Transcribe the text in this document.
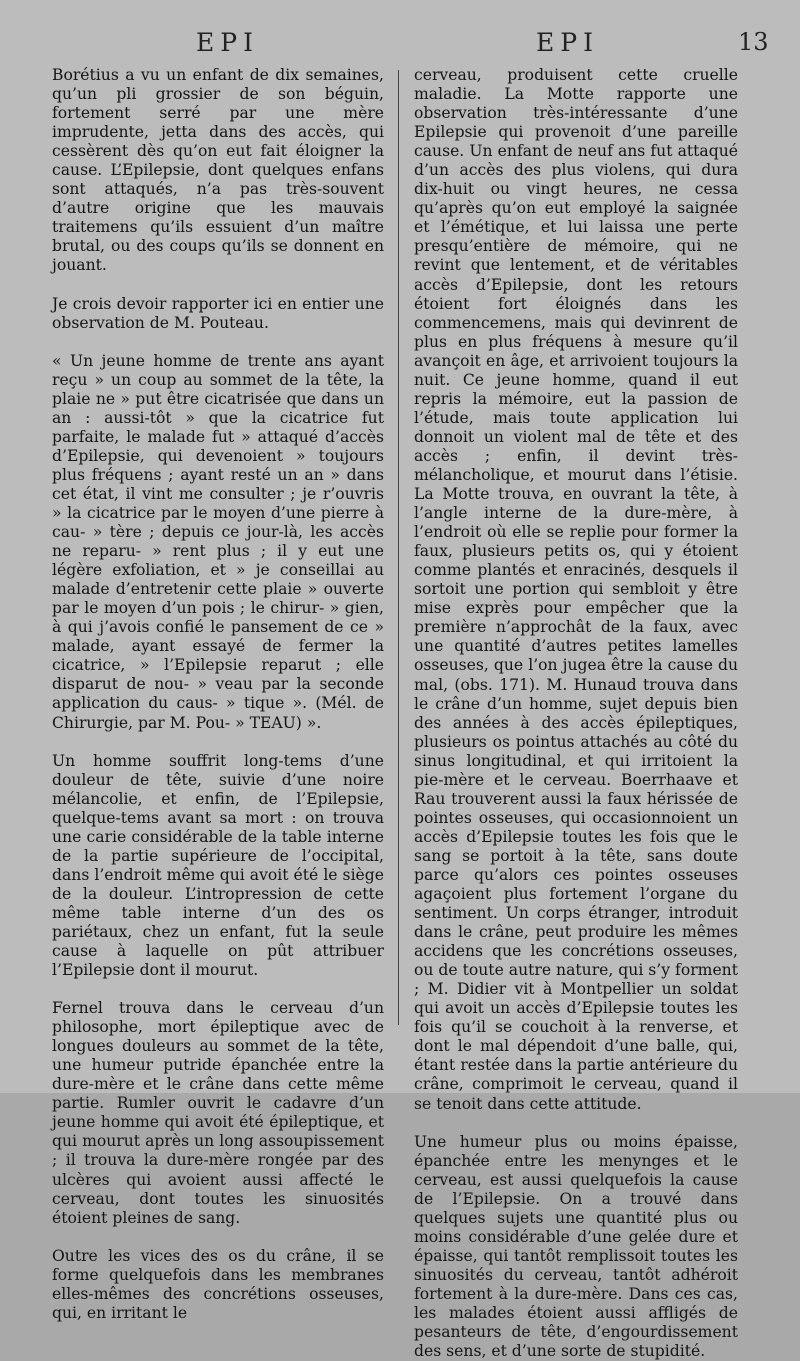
EPI	EPI	13

Borétius a vu un enfant de dix semaines, qu’un pli grossier de son béguin, fortement serré par une mère imprudente, jetta dans des accès, qui cessèrent dès qu’on eut fait éloigner la cause. L’Epilepsie, dont quelques enfans sont attaqués, n’a pas très-souvent d’autre origine que les mauvais traitemens qu’ils essuient d’un maître brutal, ou des coups qu’ils se donnent en jouant.

Je crois devoir rapporter ici en entier une observation de M. Pouteau.

« Un jeune homme de trente ans ayant reçu » un coup au sommet de la tête, la plaie ne » put être cicatrisée que dans un an : aussi-tôt » que la cicatrice fut parfaite, le malade fut » attaqué d’accès d’Epilepsie, qui devenoient » toujours plus fréquens ; ayant resté un an » dans cet état, il vint me consulter ; je r’ouvris » la cicatrice par le moyen d’une pierre à cau- » tère ; depuis ce jour-là, les accès ne reparu- » rent plus ; il y eut une légère exfoliation, et » je conseillai au malade d’entretenir cette plaie » ouverte par le moyen d’un pois ; le chirur- » gien, à qui j’avois confié le pansement de ce » malade, ayant essayé de fermer la cicatrice, » l’Epilepsie reparut ; elle disparut de nou- » veau par la seconde application du caus- » tique ». (Mél. de Chirurgie, par M. Pou- » TEAU) ».

Un homme souffrit long-tems d’une douleur de tête, suivie d’une noire mélancolie, et enfin, de l’Epilepsie, quelque-tems avant sa mort : on trouva une carie considérable de la table interne de la partie supérieure de l’occipital, dans l’endroit même qui avoit été le siège de la douleur. L’intropression de cette même table interne d’un des os pariétaux, chez un enfant, fut la seule cause à laquelle on pût attribuer l’Epilepsie dont il mourut.

Fernel trouva dans le cerveau d’un philosophe, mort épileptique avec de longues douleurs au sommet de la tête, une humeur putride épanchée entre la dure-mère et le crâne dans cette même partie. Rumler ouvrit le cadavre d’un jeune homme qui avoit été épileptique, et qui mourut après un long assoupissement ; il trouva la dure-mère rongée par des ulcères qui avoient aussi affecté le cerveau, dont toutes les sinuosités étoient pleines de sang.

Outre les vices des os du crâne, il se forme quelquefois dans les membranes elles-mêmes des concrétions osseuses, qui, en irritant le

cerveau, produisent cette cruelle maladie. La Motte rapporte une observation très-intéressante d’une Epilepsie qui provenoit d’une pareille cause. Un enfant de neuf ans fut attaqué d’un accès des plus violens, qui dura dix-huit ou vingt heures, ne cessa qu’après qu’on eut employé la saignée et l’émétique, et lui laissa une perte presqu’entière de mémoire, qui ne revint que lentement, et de véritables accès d’Epilepsie, dont les retours étoient fort éloignés dans les commencemens, mais qui devinrent de plus en plus fréquens à mesure qu’il avançoit en âge, et arrivoient toujours la nuit. Ce jeune homme, quand il eut repris la mémoire, eut la passion de l’étude, mais toute application lui donnoit un violent mal de tête et des accès ; enfin, il devint très-mélancholique, et mourut dans l’étisie. La Motte trouva, en ouvrant la tête, à l’angle interne de la dure-mère, à l’endroit où elle se replie pour former la faux, plusieurs petits os, qui y étoient comme plantés et enracinés, desquels il sortoit une portion qui sembloit y être mise exprès pour empêcher que la première n’approchât de la faux, avec une quantité d’autres petites lamelles osseuses, que l’on jugea être la cause du mal, (obs. 171). M. Hunaud trouva dans le crâne d’un homme, sujet depuis bien des années à des accès épileptiques, plusieurs os pointus attachés au côté du sinus longitudinal, et qui irritoient la pie-mère et le cerveau. Boerrhaave et Rau trouverent aussi la faux hérissée de pointes osseuses, qui occasionnoient un accès d’Epilepsie toutes les fois que le sang se portoit à la tête, sans doute parce qu’alors ces pointes osseuses agaçoient plus fortement l’organe du sentiment. Un corps étranger, introduit dans le crâne, peut produire les mêmes accidens que les concrétions osseuses, ou de toute autre nature, qui s’y forment ; M. Didier vit à Montpellier un soldat qui avoit un accès d’Epilepsie toutes les fois qu’il se couchoit à la renverse, et dont le mal dépendoit d’une balle, qui, étant restée dans la partie antérieure du crâne, comprimoit le cerveau, quand il se tenoit dans cette attitude.

Une humeur plus ou moins épaisse, épanchée entre les menynges et le cerveau, est aussi quelquefois la cause de l’Epilepsie. On a trouvé dans quelques sujets une quantité plus ou moins considérable d’une gelée dure et épaisse, qui tantôt remplissoit toutes les sinuosités du cerveau, tantôt adhéroit fortement à la dure-mère. Dans ces cas, les malades étoient aussi affligés de pesanteurs de tête, d’engourdissement des sens, et d’une sorte de stupidité.
